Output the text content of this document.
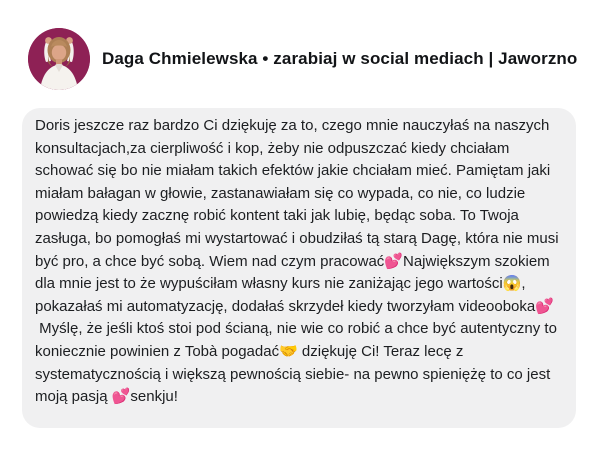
Daga Chmielewska • zarabiaj w social mediach | Jaworzno

Doris jeszcze raz bardzo Ci dziękuję za to, czego mnie nauczyłaś na naszych konsultacjach,za cierpliwość i kop, żeby nie odpuszczać kiedy chciałam schować się bo nie miałam takich efektów jakie chciałam mieć. Pamiętam jaki miałam bałagan w głowie, zastanawiałam się co wypada, co nie, co ludzie powiedzą kiedy zacznę robić kontent taki jak lubię, będąc soba. To Twoja zasługa, bo pomogłaś mi wystartować i obudziłaś tą starą Dagę, która nie musi być pro, a chce być sobą. Wiem nad czym pracować💕Największym szokiem dla mnie jest to że wypuściłam własny kurs nie zaniżając jego wartości😱, pokazałaś mi automatyzację, dodałaś skrzydeł kiedy tworzyłam videooboka💕

Myślę, że jeśli ktoś stoi pod ścianą, nie wie co robić a chce być autentyczny to koniecznie powinien z Tobà pogadać🤝 dziękuję Ci! Teraz lecę z systematycznością i większą pewnością siebie- na pewno spieniężę to co jest moją pasją 💕senkju!
